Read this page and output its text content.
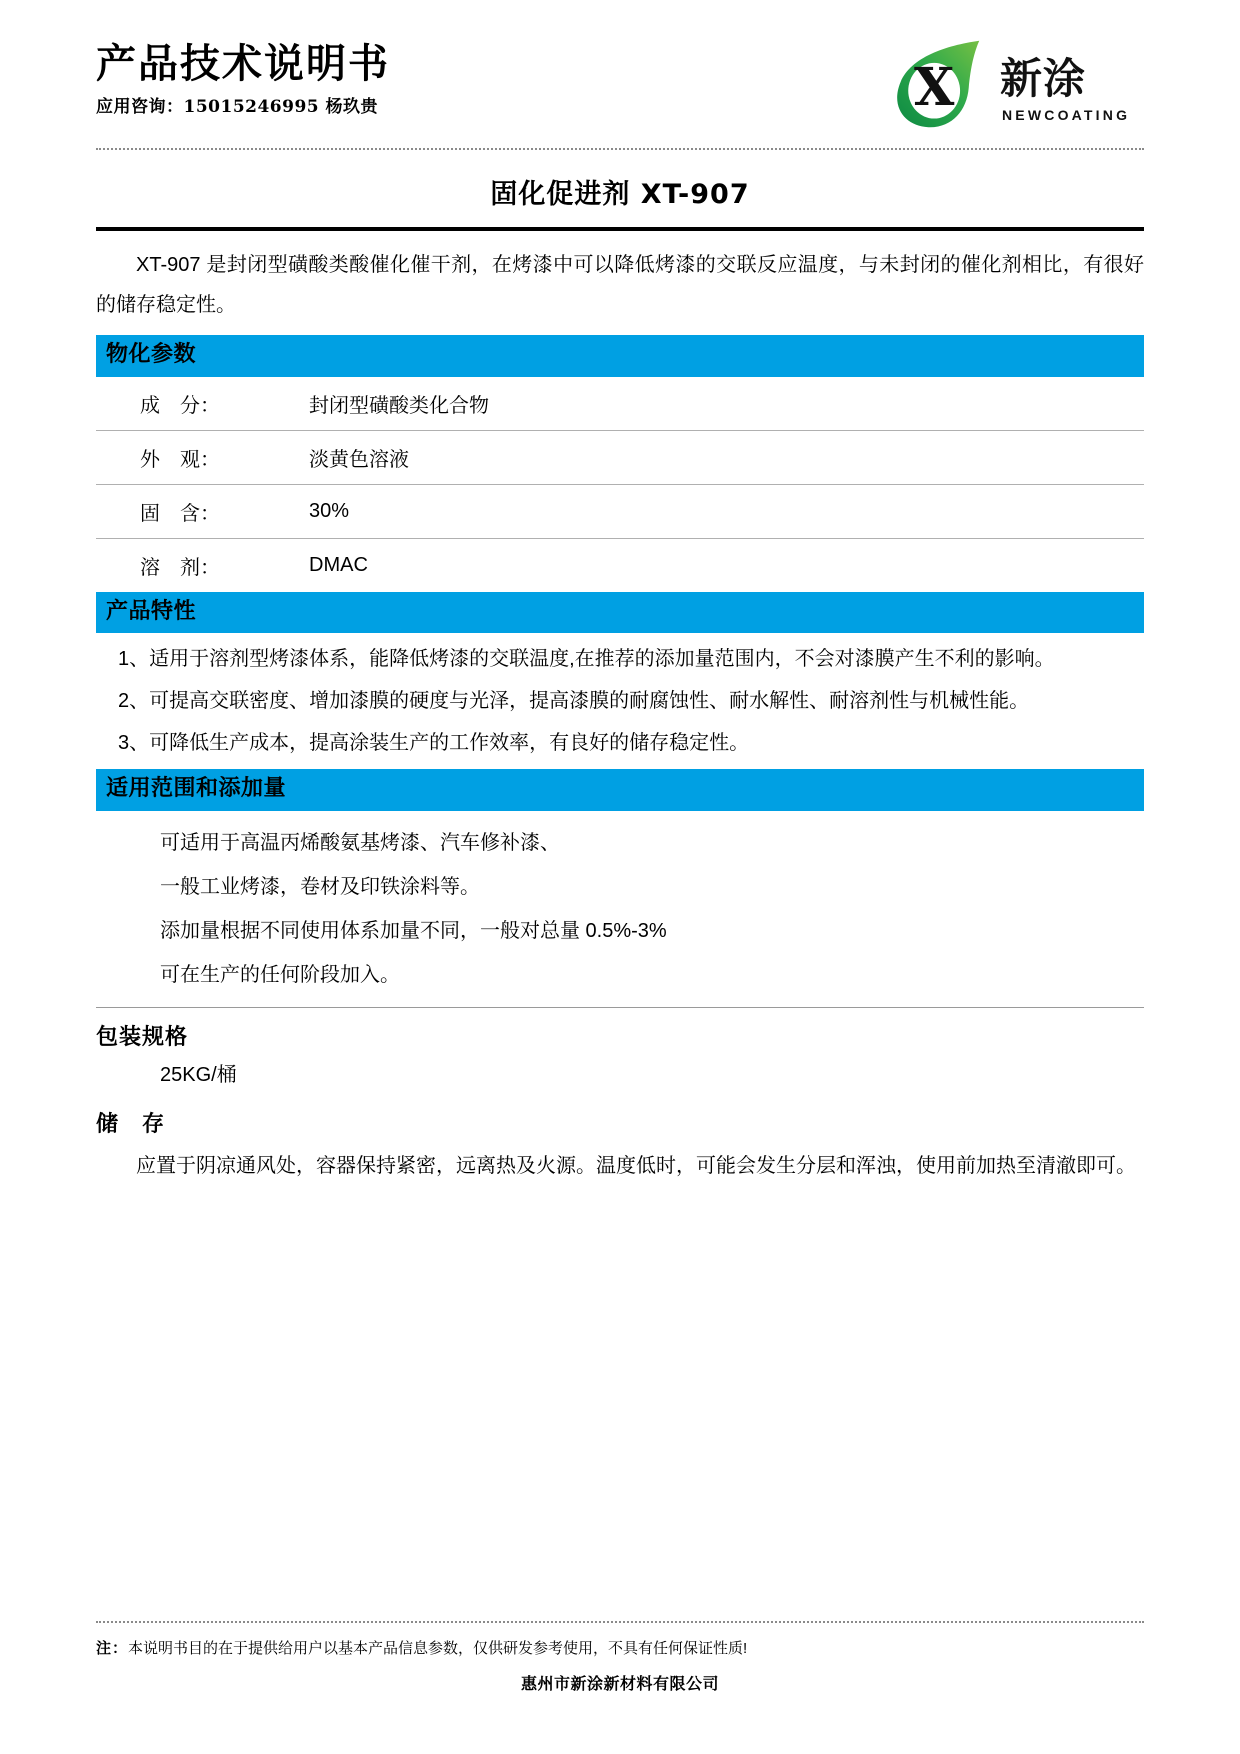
产品技术说明书
应用咨询：15015246995 杨玖贵	X 新涂
NEWCOATING
固化促进剂 XT-907

XT-907 是封闭型磺酸类酸催化催干剂，在烤漆中可以降低烤漆的交联反应温度，与未封闭的催化剂相比，有很好的储存稳定性。

物化参数
成　分：	封闭型磺酸类化合物
外　观：	淡黄色溶液
固　含：	30%
溶　剂：	DMAC
产品特性

1、适用于溶剂型烤漆体系，能降低烤漆的交联温度,在推荐的添加量范围内，不会对漆膜产生不利的影响。

2、可提高交联密度、增加漆膜的硬度与光泽，提高漆膜的耐腐蚀性、耐水解性、耐溶剂性与机械性能。

3、可降低生产成本，提高涂装生产的工作效率，有良好的储存稳定性。

适用范围和添加量
可适用于高温丙烯酸氨基烤漆、汽车修补漆、
一般工业烤漆，卷材及印铁涂料等。
添加量根据不同使用体系加量不同，一般对总量 0.5%-3%
可在生产的任何阶段加入。
包装规格
25KG/桶
储　存

应置于阴凉通风处，容器保持紧密，远离热及火源。温度低时，可能会发生分层和浑浊，使用前加热至清澈即可。

注：本说明书目的在于提供给用户以基本产品信息参数，仅供研发参考使用，不具有任何保证性质!
惠州市新涂新材料有限公司
